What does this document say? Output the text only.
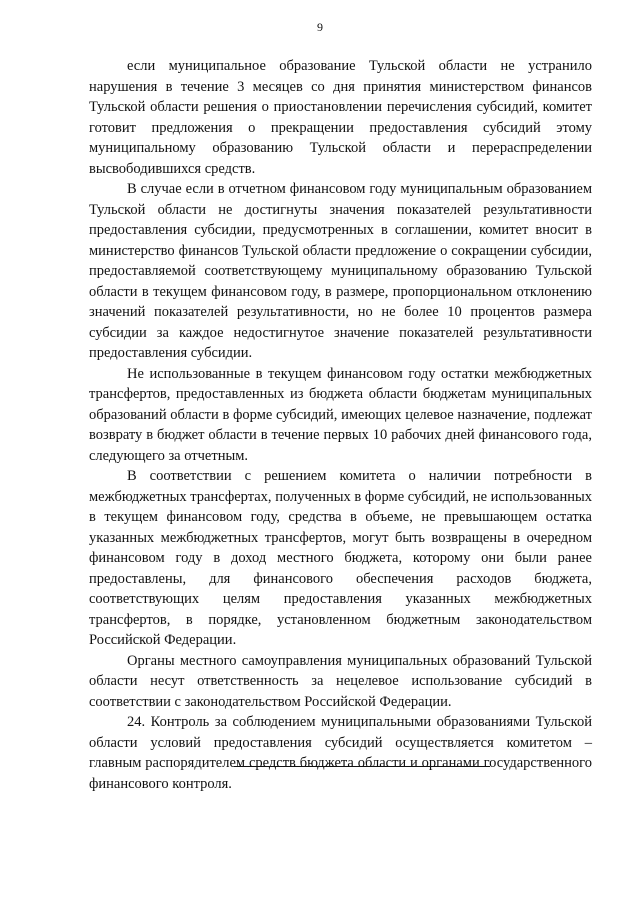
9

если муниципальное образование Тульской области не устранило нарушения в течение 3 месяцев со дня принятия министерством финансов Тульской области решения о приостановлении перечисления субсидий, комитет готовит предложения о прекращении предоставления субсидий этому муниципальному образованию Тульской области и перераспределении высвободившихся средств.

В случае если в отчетном финансовом году муниципальным образованием Тульской области не достигнуты значения показателей результативности предоставления субсидии, предусмотренных в соглашении, комитет вносит в министерство финансов Тульской области предложение о сокращении субсидии, предоставляемой соответствующему муниципальному образованию Тульской области в текущем финансовом году, в размере, пропорциональном отклонению значений показателей результативности, но не более 10 процентов размера субсидии за каждое недостигнутое значение показателей результативности предоставления субсидии.

Не использованные в текущем финансовом году остатки межбюджетных трансфертов, предоставленных из бюджета области бюджетам муниципальных образований области в форме субсидий, имеющих целевое назначение, подлежат возврату в бюджет области в течение первых 10 рабочих дней финансового года, следующего за отчетным.

В соответствии с решением комитета о наличии потребности в межбюджетных трансфертах, полученных в форме субсидий, не использованных в текущем финансовом году, средства в объеме, не превышающем остатка указанных межбюджетных трансфертов, могут быть возвращены в очередном финансовом году в доход местного бюджета, которому они были ранее предоставлены, для финансового обеспечения расходов бюджета, соответствующих целям предоставления указанных межбюджетных трансфертов, в порядке, установленном бюджетным законодательством Российской Федерации.

Органы местного самоуправления муниципальных образований Тульской области несут ответственность за нецелевое использование субсидий в соответствии с законодательством Российской Федерации.

24. Контроль за соблюдением муниципальными образованиями Тульской области условий предоставления субсидий осуществляется комитетом – главным распорядителем средств бюджета области и органами государственного финансового контроля.
